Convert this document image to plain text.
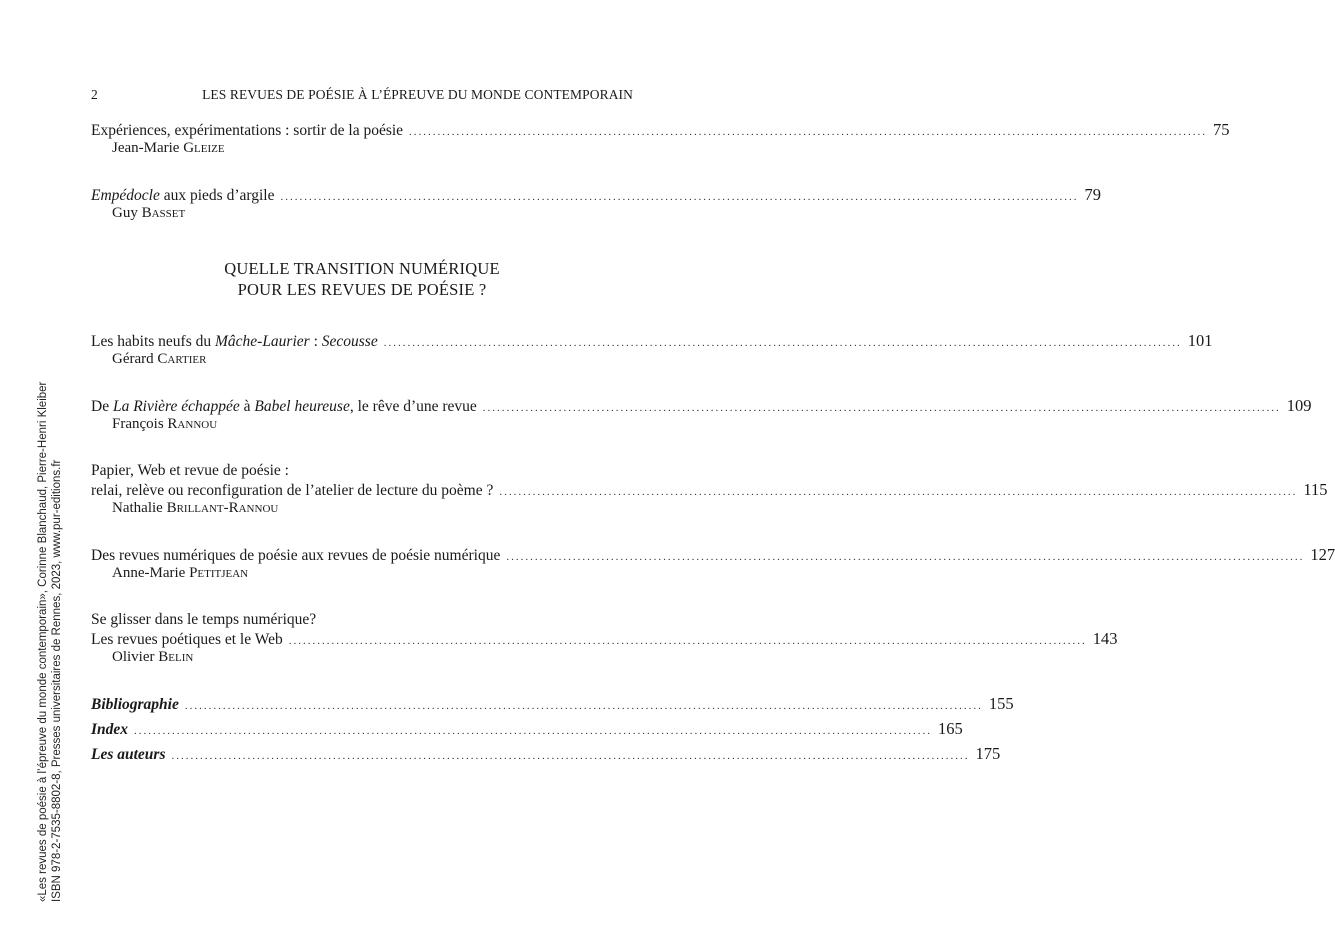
2	LES REVUES DE POÉSIE À L’ÉPREUVE DU MONDE CONTEMPORAIN
Expériences, expérimentations : sortir de la poésie ........................................................................................................................................................................ 75
Jean-Marie Gleize
Empédocle aux pieds d’argile ........................................................................................................................................................................ 79
Guy Basset
QUELLE TRANSITION NUMÉRIQUE
POUR LES REVUES DE POÉSIE ?
Les habits neufs du Mâche-Laurier : Secousse ........................................................................................................................................................................ 101
Gérard Cartier
De La Rivière échappée à Babel heureuse, le rêve d’une revue ........................................................................................................................................................................ 109
François Rannou
Papier, Web et revue de poésie :
relai, relève ou reconfiguration de l’atelier de lecture du poème ? ........................................................................................................................................................................ 115
Nathalie Brillant-Rannou
Des revues numériques de poésie aux revues de poésie numérique ........................................................................................................................................................................ 127
Anne-Marie Petitjean
Se glisser dans le temps numérique?
Les revues poétiques et le Web ........................................................................................................................................................................ 143
Olivier Belin
Bibliographie ........................................................................................................................................................................ 155
Index ........................................................................................................................................................................ 165
Les auteurs ........................................................................................................................................................................ 175
«Les revues de poésie à l’épreuve du monde contemporain», Corinne Blanchaud, Pierre-Henri Kleiber ISBN 978-2-7535-8802-8, Presses universitaires de Rennes, 2023, www.pur-editions.fr
